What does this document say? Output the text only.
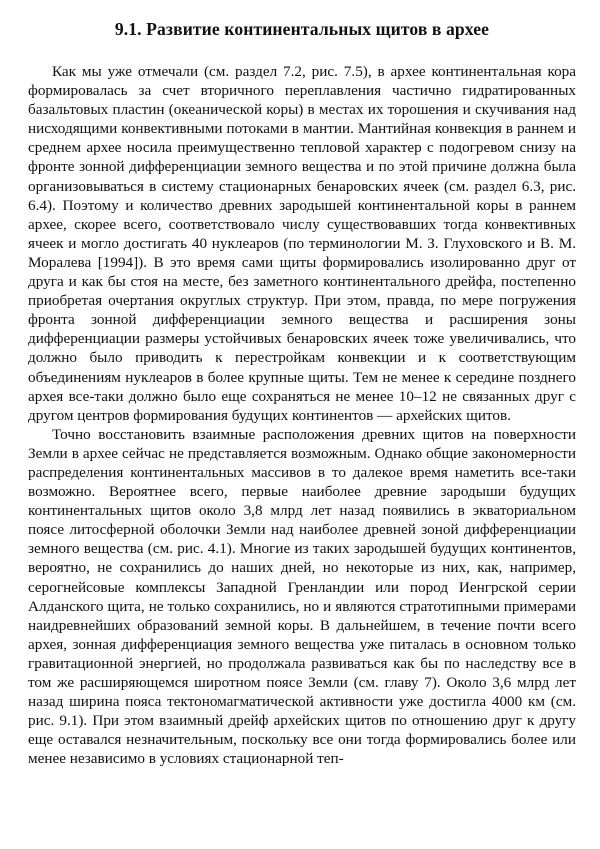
9.1. Развитие континентальных щитов в архее

Как мы уже отмечали (см. раздел 7.2, рис. 7.5), в архее континентальная кора формировалась за счет вторичного переплавления частично гидратированных базальтовых пластин (океанической коры) в местах их торошения и скучивания над нисходящими конвективными потоками в мантии. Мантийная конвекция в раннем и среднем архее носила преимущественно тепловой характер с подогревом снизу на фронте зонной дифференциации земного вещества и по этой причине должна была организовываться в систему стационарных бенаровских ячеек (см. раздел 6.3, рис. 6.4). Поэтому и количество древних зародышей континентальной коры в раннем архее, скорее всего, соответствовало числу существовавших тогда конвективных ячеек и могло достигать 40 нуклеаров (по терминологии М. З. Глуховского и В. М. Моралева [1994]). В это время сами щиты формировались изолированно друг от друга и как бы стоя на месте, без заметного континентального дрейфа, постепенно приобретая очертания округлых структур. При этом, правда, по мере погружения фронта зонной дифференциации земного вещества и расширения зоны дифференциации размеры устойчивых бенаровских ячеек тоже увеличивались, что должно было приводить к перестройкам конвекции и к соответствующим объединениям нуклеаров в более крупные щиты. Тем не менее к середине позднего архея все-таки должно было еще сохраняться не менее 10–12 не связанных друг с другом центров формирования будущих континентов — архейских щитов.

Точно восстановить взаимные расположения древних щитов на поверхности Земли в архее сейчас не представляется возможным. Однако общие закономерности распределения континентальных массивов в то далекое время наметить все-таки возможно. Вероятнее всего, первые наиболее древние зародыши будущих континентальных щитов около 3,8 млрд лет назад появились в экваториальном поясе литосферной оболочки Земли над наиболее древней зоной дифференциации земного вещества (см. рис. 4.1). Многие из таких зародышей будущих континентов, вероятно, не сохранились до наших дней, но некоторые из них, как, например, серогнейсовые комплексы Западной Гренландии или пород Иенгрской серии Алданского щита, не только сохранились, но и являются стратотипными примерами наидревнейших образований земной коры. В дальнейшем, в течение почти всего архея, зонная дифференциация земного вещества уже питалась в основном только гравитационной энергией, но продолжала развиваться как бы по наследству все в том же расширяющемся широтном поясе Земли (см. главу 7). Около 3,6 млрд лет назад ширина пояса тектономагматической активности уже достигла 4000 км (см. рис. 9.1). При этом взаимный дрейф архейских щитов по отношению друг к другу еще оставался незначительным, поскольку все они тогда формировались более или менее независимо в условиях стационарной теп-
